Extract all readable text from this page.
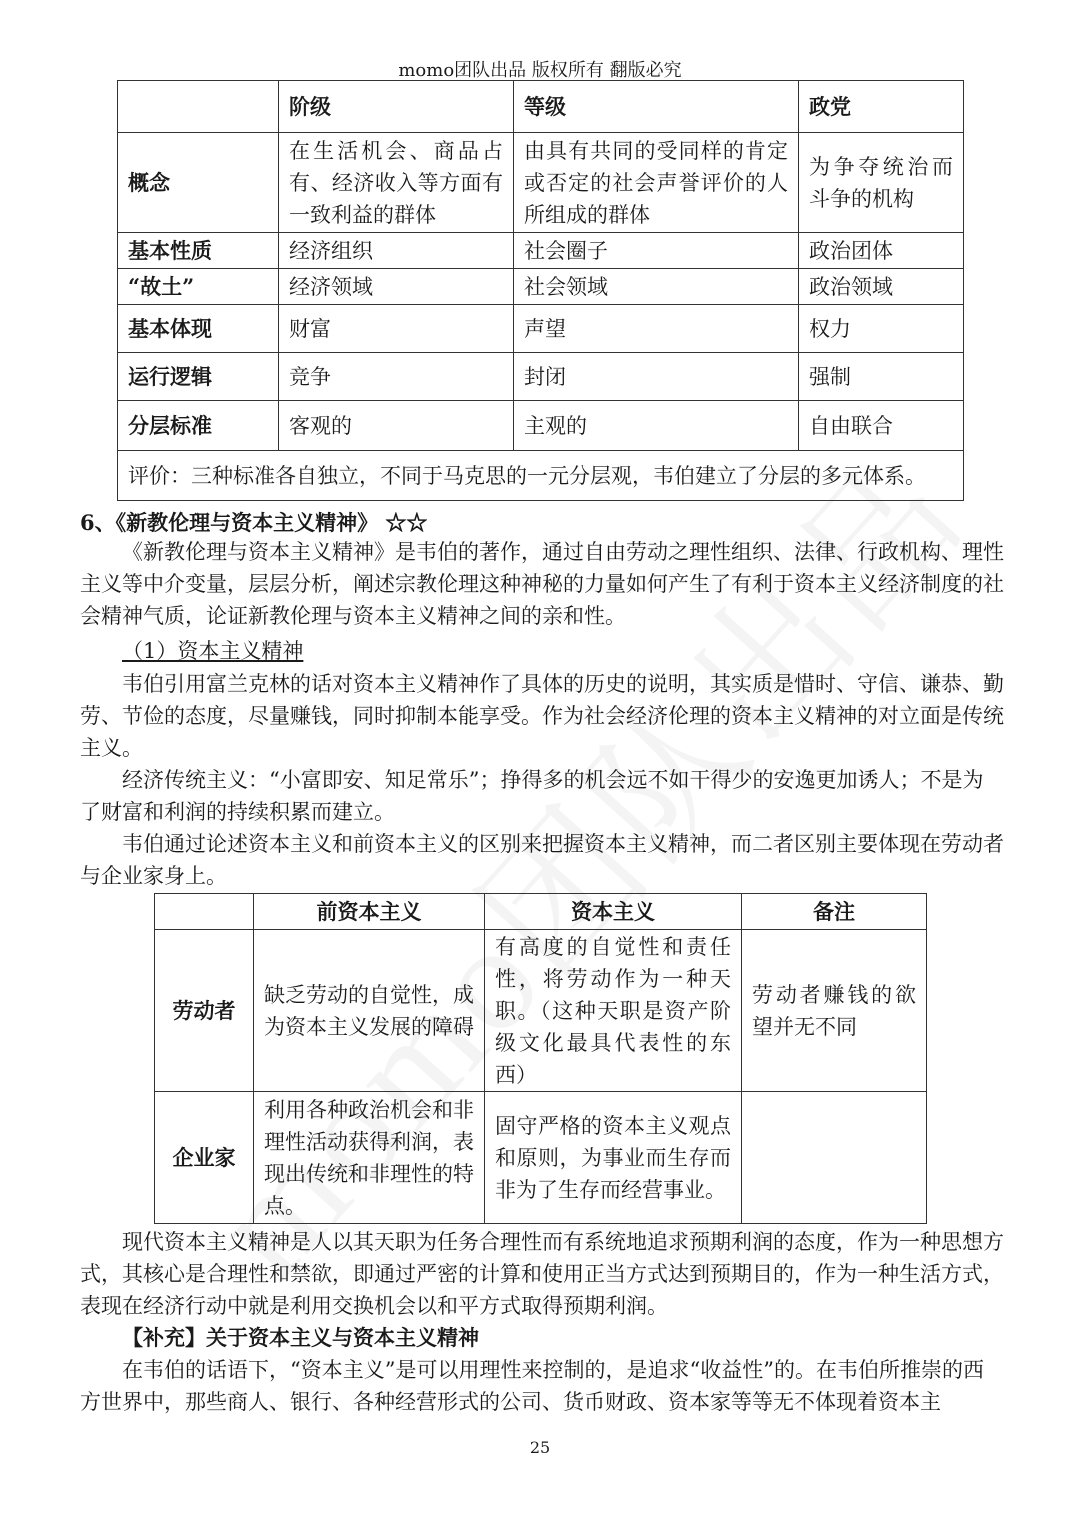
momo团队出品 版权所有 翻版必究
	阶级	等级	政党
概念	在生活机会、商品占有、经济收入等方面有一致利益的群体	由具有共同的受同样的肯定或否定的社会声誉评价的人所组成的群体	为争夺统治而斗争的机构
基本性质	经济组织	社会圈子	政治团体
“故土”	经济领域	社会领域	政治领域
基本体现	财富	声望	权力
运行逻辑	竞争	封闭	强制
分层标准	客观的	主观的	自由联合
评价：三种标准各自独立，不同于马克思的一元分层观，韦伯建立了分层的多元体系。			
6、《新教伦理与资本主义精神》 ☆☆
《新教伦理与资本主义精神》是韦伯的著作，通过自由劳动之理性组织、法律、行政机构、理性主义等中介变量，层层分析，阐述宗教伦理这种神秘的力量如何产生了有利于资本主义经济制度的社会精神气质，论证新教伦理与资本主义精神之间的亲和性。
（1）资本主义精神
韦伯引用富兰克林的话对资本主义精神作了具体的历史的说明，其实质是惜时、守信、谦恭、勤劳、节俭的态度，尽量赚钱，同时抑制本能享受。作为社会经济伦理的资本主义精神的对立面是传统主义。
经济传统主义：“小富即安、知足常乐”；挣得多的机会远不如干得少的安逸更加诱人；不是为了财富和利润的持续积累而建立。
韦伯通过论述资本主义和前资本主义的区别来把握资本主义精神，而二者区别主要体现在劳动者与企业家身上。
	前资本主义	资本主义	备注
劳动者	缺乏劳动的自觉性，成为资本主义发展的障碍	有高度的自觉性和责任性，将劳动作为一种天职。（这种天职是资产阶级文化最具代表性的东西）	劳动者赚钱的欲望并无不同
企业家	利用各种政治机会和非理性活动获得利润，表现出传统和非理性的特点。	固守严格的资本主义观点和原则，为事业而生存而非为了生存而经营事业。	
现代资本主义精神是人以其天职为任务合理性而有系统地追求预期利润的态度，作为一种思想方式，其核心是合理性和禁欲，即通过严密的计算和使用正当方式达到预期目的，作为一种生活方式，表现在经济行动中就是利用交换机会以和平方式取得预期利润。
【补充】关于资本主义与资本主义精神
在韦伯的话语下，“资本主义”是可以用理性来控制的，是追求“收益性”的。在韦伯所推崇的西方世界中，那些商人、银行、各种经营形式的公司、货币财政、资本家等等无不体现着资本主
25
